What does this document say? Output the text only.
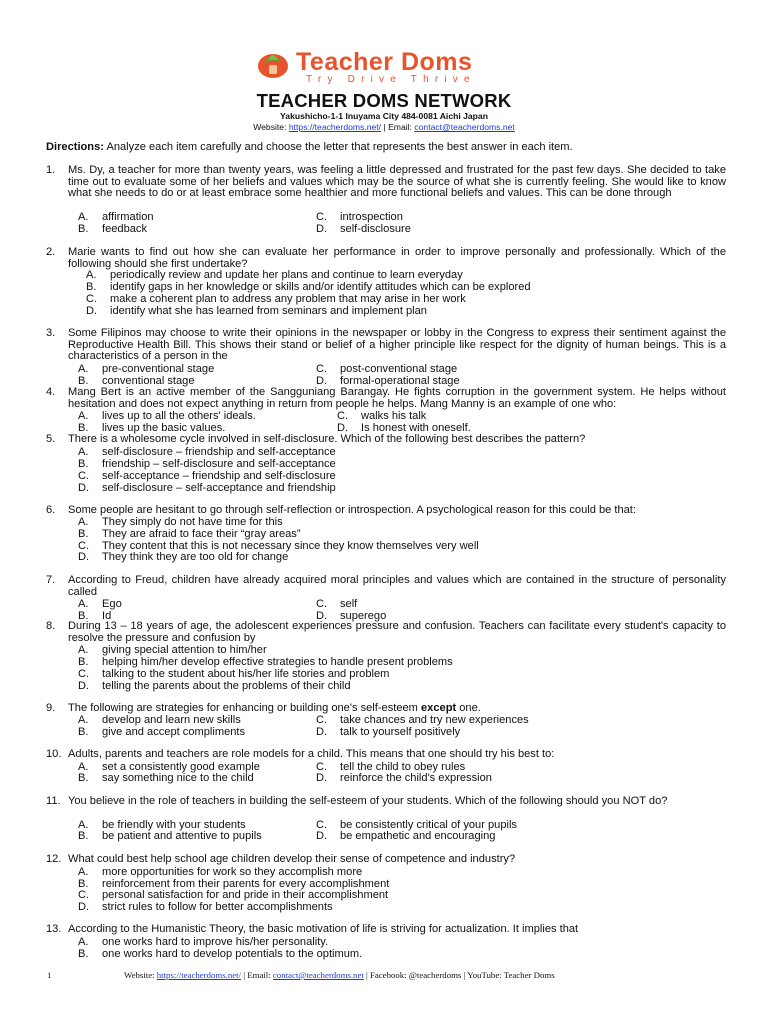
Teacher Doms
Try Drive Thrive
TEACHER DOMS NETWORK
Yakushicho-1-1 Inuyama City 484-0081 Aichi Japan
Website: https://teacherdoms.net/ | Email: contact@teacherdoms.net
Directions: Analyze each item carefully and choose the letter that represents the best answer in each item.
1. Ms. Dy, a teacher for more than twenty years, was feeling a little depressed and frustrated for the past few days. She decided to take time out to evaluate some of her beliefs and values which may be the source of what she is currently feeling. She would like to know what she needs to do or at least embrace some healthier and more functional beliefs and values. This can be done through
A. affirmation	C. introspection
B. feedback	D. self-disclosure
2. Marie wants to find out how she can evaluate her performance in order to improve personally and professionally. Which of the following should she first undertake?
A. periodically review and update her plans and continue to learn everyday
B. identify gaps in her knowledge or skills and/or identify attitudes which can be explored
C. make a coherent plan to address any problem that may arise in her work
D. identify what she has learned from seminars and implement plan
3. Some Filipinos may choose to write their opinions in the newspaper or lobby in the Congress to express their sentiment against the Reproductive Health Bill. This shows their stand or belief of a higher principle like respect for the dignity of human beings. This is a characteristics of a person in the
A. pre-conventional stage	C. post-conventional stage
B. conventional stage	D. formal-operational stage
4. Mang Bert is an active member of the Sangguniang Barangay. He fights corruption in the government system. He helps without hesitation and does not expect anything in return from people he helps. Mang Manny is an example of one who:
A. lives up to all the others' ideals.	C. walks his talk
B. lives up the basic values.	D. Is honest with oneself.
5. There is a wholesome cycle involved in self-disclosure. Which of the following best describes the pattern?
A. self-disclosure – friendship and self-acceptance
B. friendship – self-disclosure and self-acceptance
C. self-acceptance – friendship and self-disclosure
D. self-disclosure – self-acceptance and friendship
6. Some people are hesitant to go through self-reflection or introspection. A psychological reason for this could be that:
A. They simply do not have time for this
B. They are afraid to face their “gray areas”
C. They content that this is not necessary since they know themselves very well
D. They think they are too old for change
7. According to Freud, children have already acquired moral principles and values which are contained in the structure of personality called
A. Ego	C. self
B. Id	D. superego
8. During 13 – 18 years of age, the adolescent experiences pressure and confusion. Teachers can facilitate every student's capacity to resolve the pressure and confusion by
A. giving special attention to him/her
B. helping him/her develop effective strategies to handle present problems
C. talking to the student about his/her life stories and problem
D. telling the parents about the problems of their child
9. The following are strategies for enhancing or building one's self-esteem except one.
A. develop and learn new skills	C. take chances and try new experiences
B. give and accept compliments	D. talk to yourself positively
10. Adults, parents and teachers are role models for a child. This means that one should try his best to:
A. set a consistently good example	C. tell the child to obey rules
B. say something nice to the child	D. reinforce the child's expression
11. You believe in the role of teachers in building the self-esteem of your students. Which of the following should you NOT do?
A. be friendly with your students	C. be consistently critical of your pupils
B. be patient and attentive to pupils	D. be empathetic and encouraging
12. What could best help school age children develop their sense of competence and industry?
A. more opportunities for work so they accomplish more
B. reinforcement from their parents for every accomplishment
C. personal satisfaction for and pride in their accomplishment
D. strict rules to follow for better accomplishments
13. According to the Humanistic Theory, the basic motivation of life is striving for actualization. It implies that
A. one works hard to improve his/her personality.
B. one works hard to develop potentials to the optimum.
1	Website: https://teacherdoms.net/ | Email: contact@teacherdoms.net | Facebook: @teacherdoms | YouTube: Teacher Doms
